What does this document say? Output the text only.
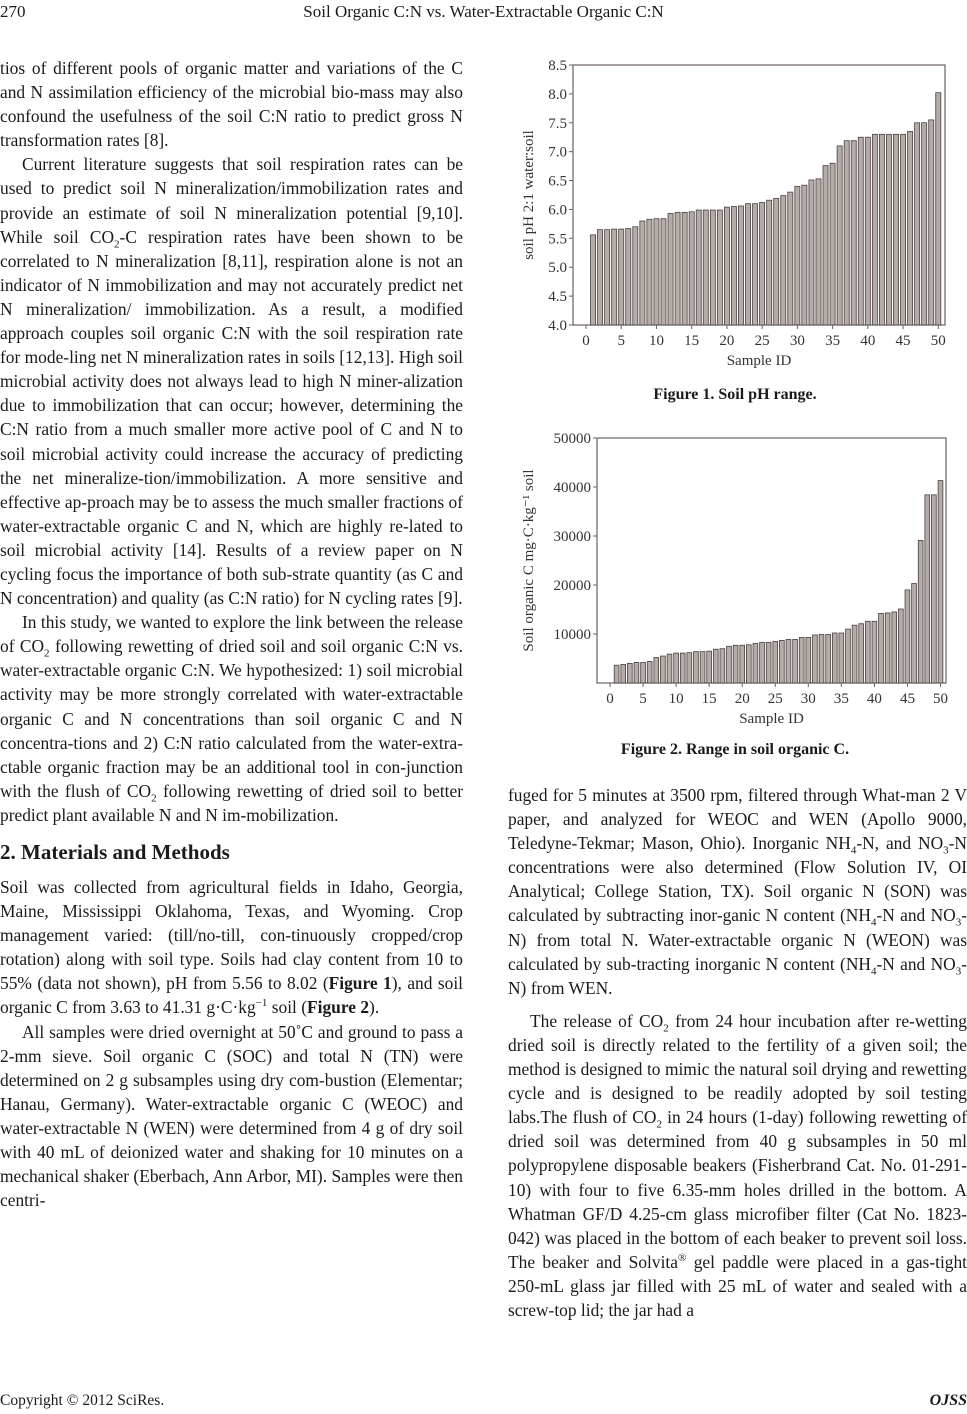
270	Soil Organic C:N vs. Water-Extractable Organic C:N

tios of different pools of organic matter and variations of the C and N assimilation efficiency of the microbial bio-mass may also confound the usefulness of the soil C:N ratio to predict gross N transformation rates [8].

Current literature suggests that soil respiration rates can be used to predict soil N mineralization/immobilization rates and provide an estimate of soil N mineralization potential [9,10]. While soil $CO_2-C$ respiration rates have been shown to be correlated to N mineralization [8,11], respiration alone is not an indicator of N immobilization and may not accurately predict net N mineralization/ immobilization. As a result, a modified approach couples soil organic C:N with the soil respiration rate for mode-ling net N mineralization rates in soils [12,13]. High soil microbial activity does not always lead to high N miner-alization due to immobilization that can occur; however, determining the C:N ratio from a much smaller more active pool of C and N to soil microbial activity could increase the accuracy of predicting the net mineralize-tion/immobilization. A more sensitive and effective ap-proach may be to assess the much smaller fractions of water-extractable organic C and N, which are highly re-lated to soil microbial activity [14]. Results of a review paper on N cycling focus the importance of both sub-strate quantity (as C and N concentration) and quality (as C:N ratio) for N cycling rates [9].

In this study, we wanted to explore the link between the release of $CO_2$ following rewetting of dried soil and soil organic C:N vs. water-extractable organic C:N. We hypothesized: 1) soil microbial activity may be more strongly correlated with water-extractable organic C and N concentrations than soil organic C and N concentra-tions and 2) C:N ratio calculated from the water-extra-ctable organic fraction may be an additional tool in con-junction with the flush of $CO_2$ following rewetting of dried soil to better predict plant available N and N im-mobilization.

2. Materials and Methods

Soil was collected from agricultural fields in Idaho, Georgia, Maine, Mississippi Oklahoma, Texas, and Wyoming. Crop management varied: (till/no-till, con-tinuously cropped/crop rotation) along with soil type. Soils had clay content from 10 to 55% (data not shown), pH from 5.56 to 8.02 (Figure 1), and soil organic C from 3.63 to 41.31 $g\cdot C\cdot kg^{-1}$ soil (Figure 2).

All samples were dried overnight at 50˚C and ground to pass a 2-mm sieve. Soil organic C (SOC) and total N (TN) were determined on 2 g subsamples using dry com-bustion (Elementar; Hanau, Germany). Water-extractable organic C (WEOC) and water-extractable N (WEN) were determined from 4 g of dry soil with 40 mL of deionized water and shaking for 10 minutes on a mechanical shaker (Eberbach, Ann Arbor, MI). Samples were then centri-

4.0
4.5
5.0
5.5
6.0
6.5
7.0
7.5
8.0
8.5
0 5 10 15 20 25 30 35 40 45 50
Sample ID
soil pH 2:1 water:soil
Figure 1. Soil pH range.
10000
20000
30000
40000
50000
0 5 10 15 20 25 30 35 40 45 50
Sample ID
Soil organic C mg·C·kg⁻¹ soil
Figure 2. Range in soil organic C.

fuged for 5 minutes at 3500 rpm, filtered through What-man 2 V paper, and analyzed for WEOC and WEN (Apollo 9000, Teledyne-Tekmar; Mason, Ohio). Inorganic $NH_4-N$, and $NO_3-N$ concentrations were also determined (Flow Solution IV, OI Analytical; College Station, TX). Soil organic N (SON) was calculated by subtracting inor-ganic N content ($NH_4-N$ and $NO_3-N$) from total N. Water-extractable organic N (WEON) was calculated by sub-tracting inorganic N content ($NH_4-N$ and $NO_3-N$) from WEN.

The release of $CO_2$ from 24 hour incubation after re-wetting dried soil is directly related to the fertility of a given soil; the method is designed to mimic the natural soil drying and rewetting cycle and is designed to be readily adopted by soil testing labs.The flush of $CO_2$ in 24 hours (1-day) following rewetting of dried soil was determined from 40 g subsamples in 50 ml polypropylene disposable beakers (Fisherbrand Cat. No. 01-291-10) with four to five 6.35-mm holes drilled in the bottom. A Whatman GF/D 4.25-cm glass microfiber filter (Cat No. 1823-042) was placed in the bottom of each beaker to prevent soil loss. The beaker and Solvita® gel paddle were placed in a gas-tight 250-mL glass jar filled with 25 mL of water and sealed with a screw-top lid; the jar had a

Copyright © 2012 SciRes.	OJSS
